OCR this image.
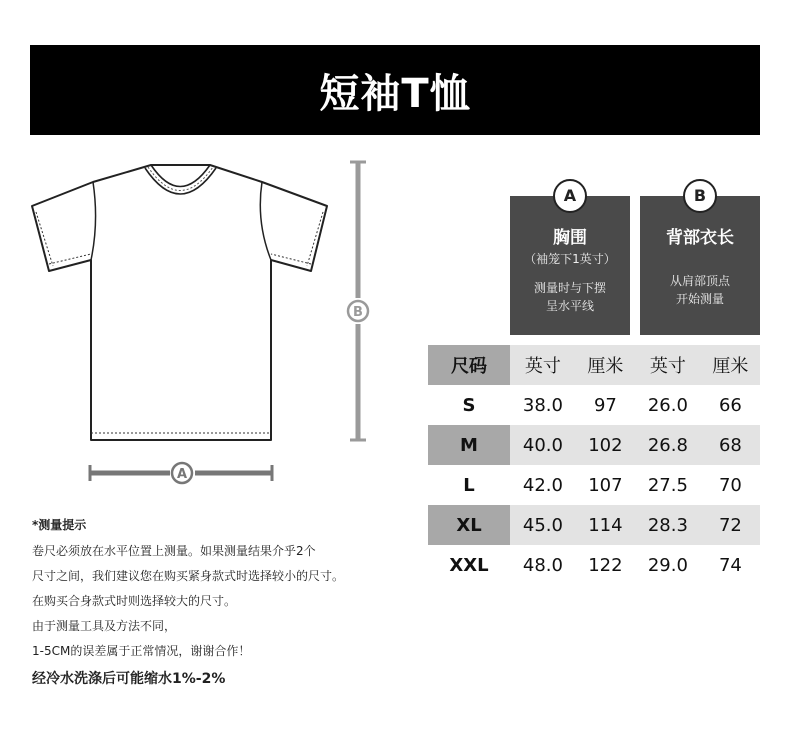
短袖T恤
B
A
A
胸围
（袖笼下1英寸）
测量时与下摆
呈水平线
B
背部衣长
从肩部顶点
开始测量
尺码	英寸	厘米	英寸	厘米
S	38.0	97	26.0	66
M	40.0	102	26.8	68
L	42.0	107	27.5	70
XL	45.0	114	28.3	72
XXL	48.0	122	29.0	74
*测量提示
卷尺必须放在水平位置上测量。如果测量结果介乎2个
尺寸之间，我们建议您在购买紧身款式时选择较小的尺寸。
在购买合身款式时则选择较大的尺寸。
由于测量工具及方法不同，
1-5CM的误差属于正常情况，谢谢合作！
经冷水洗涤后可能缩水1%-2%
